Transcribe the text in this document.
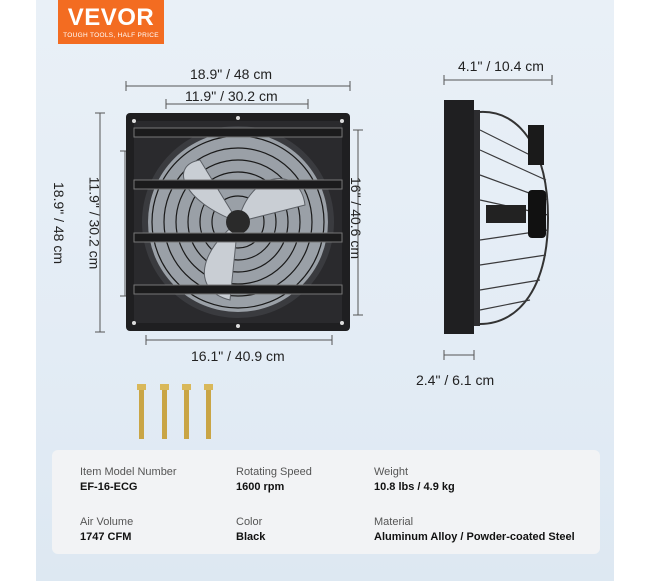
VEVOR
TOUGH TOOLS, HALF PRICE
18.9" / 48 cm
11.9" / 30.2 cm
18.9" / 48 cm 11.9" / 30.2 cm	16" / 40.6 cm
16.1" / 40.9 cm
4.1" / 10.4 cm
2.4" / 6.1 cm
Item Model Number
EF-16-ECG
Rotating Speed
1600 rpm
Weight
10.8 lbs / 4.9 kg
Air Volume
1747 CFM
Color
Black
Material
Aluminum Alloy / Powder-coated Steel
